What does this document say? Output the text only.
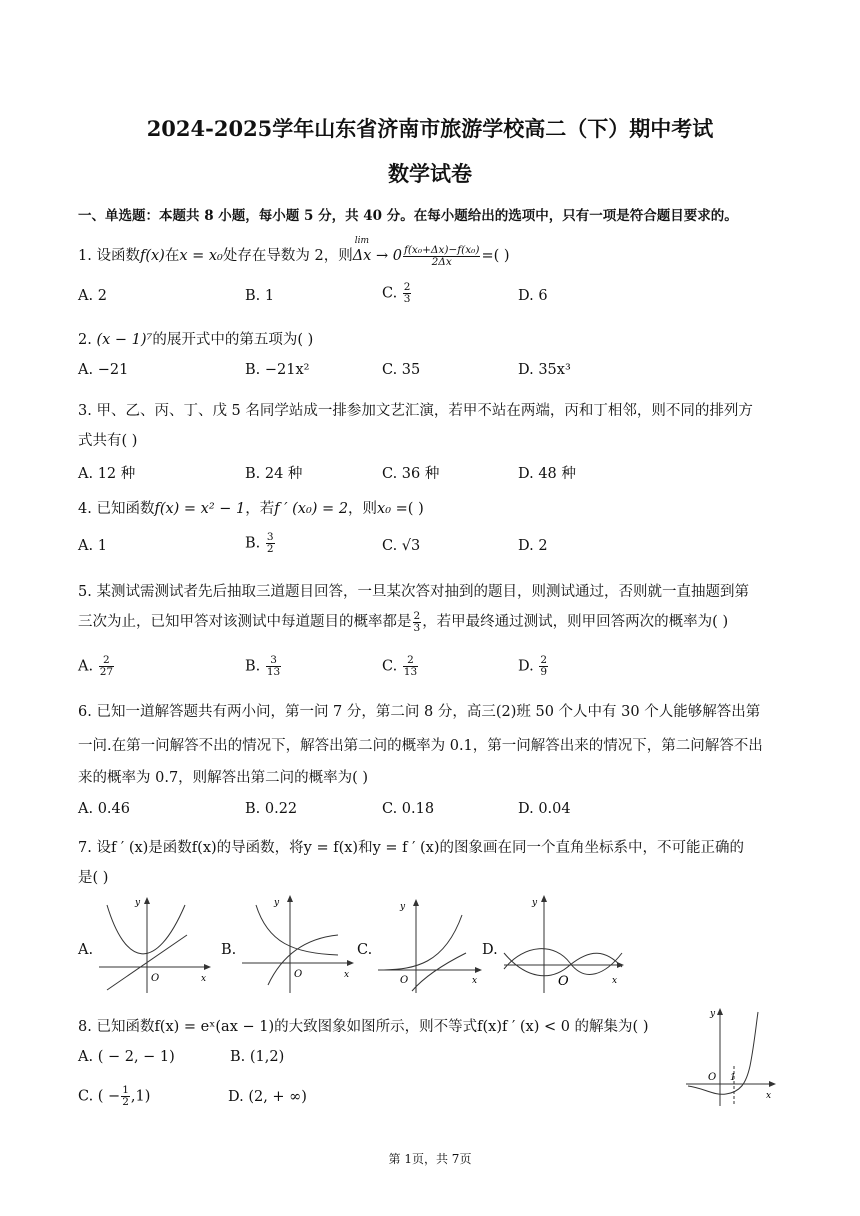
2024-2025学年山东省济南市旅游学校高二（下）期中考试
数学试卷
一、单选题：本题共 8 小题，每小题 5 分，共 40 分。在每小题给出的选项中，只有一项是符合题目要求的。
1. 设函数f(x)在x = x₀处存在导数为 2，则
lim
$\Delta x \to 0 \frac{\text{f(x₀+Δx)−f(x₀)}}{2\Delta x}$ =( )
A. 2	B. 1	C. $\frac{2}{3}$	D. 6
2. (x − 1)⁷的展开式中的第五项为( )
A. −21	B. −21x²	C. 35	D. 35x³
3. 甲、乙、丙、丁、戊 5 名同学站成一排参加文艺汇演，若甲不站在两端，丙和丁相邻，则不同的排列方
式共有( )
A. 12 种	B. 24 种	C. 36 种	D. 48 种
4. 已知函数f(x) = x² − 1，若f ′ (x₀) = 2，则x₀ =( )
A. 1	B. $\frac{3}{2}$	C. √3	D. 2
5. 某测试需测试者先后抽取三道题目回答，一旦某次答对抽到的题目，则测试通过，否则就一直抽题到第
三次为止，已知甲答对该测试中每道题目的概率都是 $\frac{2}{3}$ ，若甲最终通过测试，则甲回答两次的概率为( )
A. $\frac{2}{27}$	B. $\frac{3}{13}$	C. $\frac{2}{13}$	D. $\frac{2}{9}$
6. 已知一道解答题共有两小问，第一问 7 分，第二问 8 分，高三(2)班 50 个人中有 30 个人能够解答出第
一问.在第一问解答不出的情况下，解答出第二问的概率为 0.1，第一问解答出来的情况下，第二问解答不出
来的概率为 0.7，则解答出第二问的概率为( )
A. 0.46	B. 0.22	C. 0.18	D. 0.04
7. 设f ′ (x)是函数f(x)的导函数，将y = f(x)和y = f ′ (x)的图象画在同一个直角坐标系中，不可能正确的
是( )
A.
y
x
O
B.
y
x
O
C.
y
x
O
D.
y
x
O
8. 已知函数f(x) = eˣ(ax − 1)的大致图象如图所示，则不等式f(x)f ′ (x) < 0 的解集为( )
A. ( − 2, − 1)	B. (1,2)
C. ( − $\frac{1}{2} ,1$)	D. (2, + ∞)
y
x
O 1
第 1页，共 7页
